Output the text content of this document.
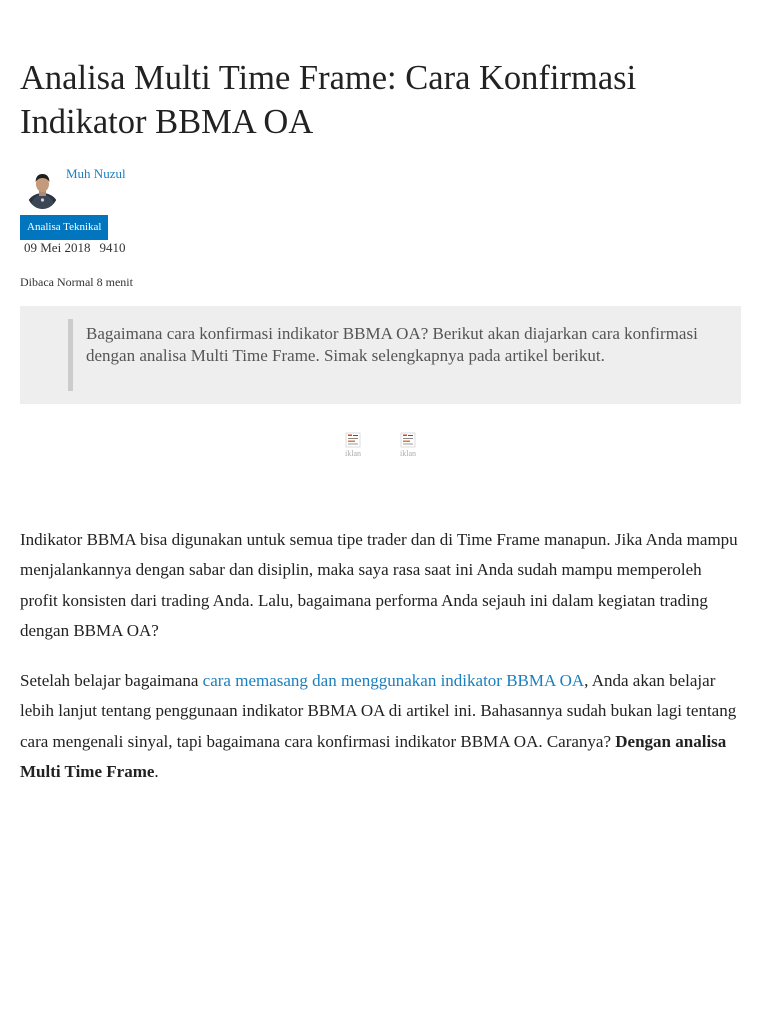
Analisa Multi Time Frame: Cara Konfirmasi Indikator BBMA OA
Muh Nuzul
Analisa Teknikal
09 Mei 2018 9410
Dibaca Normal 8 menit

Bagaimana cara konfirmasi indikator BBMA OA? Berikut akan diajarkan cara konfirmasi dengan analisa Multi Time Frame. Simak selengkapnya pada artikel berikut.

iklan	iklan

Indikator BBMA bisa digunakan untuk semua tipe trader dan di Time Frame manapun. Jika Anda mampu menjalankannya dengan sabar dan disiplin, maka saya rasa saat ini Anda sudah mampu memperoleh profit konsisten dari trading Anda. Lalu, bagaimana performa Anda sejauh ini dalam kegiatan trading dengan BBMA OA?

Setelah belajar bagaimana cara memasang dan menggunakan indikator BBMA OA, Anda akan belajar lebih lanjut tentang penggunaan indikator BBMA OA di artikel ini. Bahasannya sudah bukan lagi tentang cara mengenali sinyal, tapi bagaimana cara konfirmasi indikator BBMA OA. Caranya? Dengan analisa Multi Time Frame.
